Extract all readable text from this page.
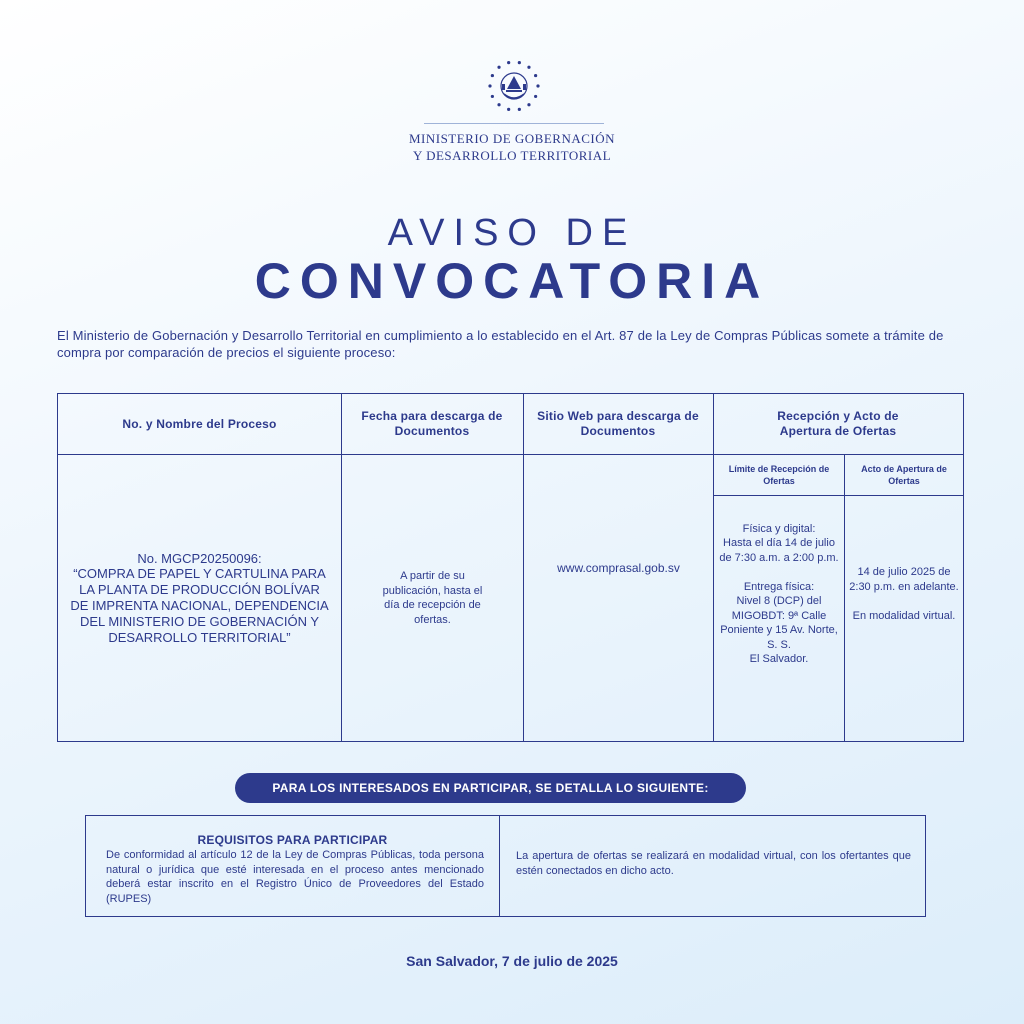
MINISTERIO DE GOBERNACIÓN
Y DESARROLLO TERRITORIAL
AVISO DE
CONVOCATORIA
El Ministerio de Gobernación y Desarrollo Territorial en cumplimiento a lo establecido en el Art. 87 de la Ley de Compras Públicas somete a trámite de compra por comparación de precios el siguiente proceso:
No. y Nombre del Proceso
Fecha para descarga de Documentos
Sitio Web para descarga de Documentos
Recepción y Acto de Apertura de Ofertas
Límite de Recepción de Ofertas
Acto de Apertura de Ofertas
No. MGCP20250096:
“COMPRA DE PAPEL Y CARTULINA PARA LA PLANTA DE PRODUCCIÓN BOLÍVAR DE IMPRENTA NACIONAL, DEPENDENCIA DEL MINISTERIO DE GOBERNACIÓN Y DESARROLLO TERRITORIAL”
A partir de su publicación, hasta el día de recepción de ofertas.
www.comprasal.gob.sv
Física y digital:
Hasta el día 14 de julio de 7:30 a.m. a 2:00 p.m.

Entrega física:
Nivel 8 (DCP) del MIGOBDT: 9ª Calle Poniente y 15 Av. Norte, S. S.
El Salvador.
14 de julio 2025 de 2:30 p.m. en adelante.

En modalidad virtual.
PARA LOS INTERESADOS EN PARTICIPAR, SE DETALLA LO SIGUIENTE:
REQUISITOS PARA PARTICIPAR
De conformidad al artículo 12 de la Ley de Compras Públicas, toda persona natural o jurídica que esté interesada en el proceso antes mencionado deberá estar inscrito en el Registro Único de Proveedores del Estado (RUPES)
La apertura de ofertas se realizará en modalidad virtual, con los ofertantes que estén conectados en dicho acto.
San Salvador, 7 de julio de 2025
